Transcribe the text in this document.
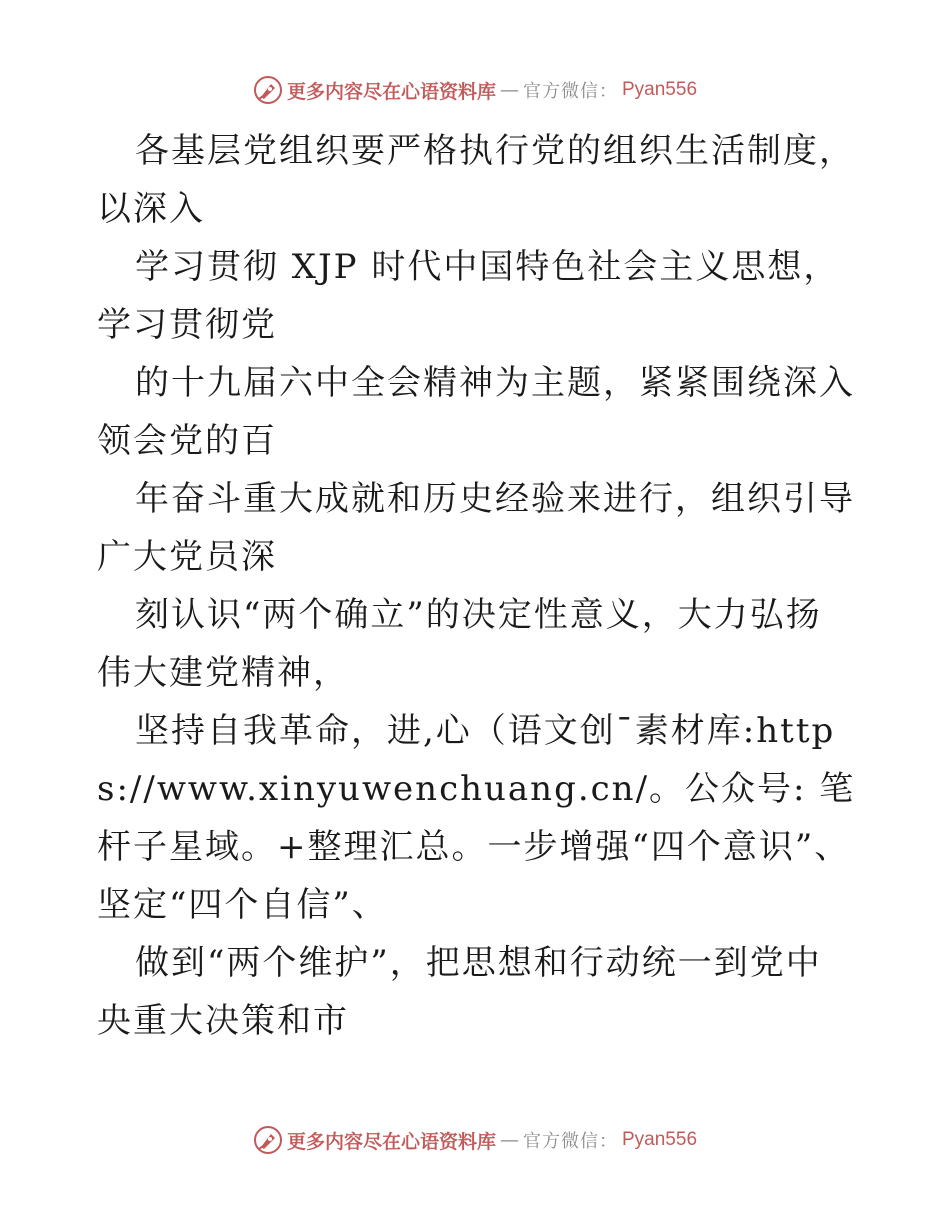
更多内容尽在心语资料库 — 官方微信： Pyan556

各基层党组织要严格执行党的组织生活制度，以深入

学习贯彻 XJP 时代中国特色社会主义思想，学习贯彻党

的十九届六中全会精神为主题，紧紧围绕深入领会党的百

年奋斗重大成就和历史经验来进行，组织引导广大党员深

刻认识“两个确立”的决定性意义，大力弘扬伟大建党精神，

坚持自我革命，进,心（语文创¯素材库:https://www.xinyuwenchuang.cn/。公众号: 笔杆子星域。+整理汇总。一步增强“四个意识”、坚定“四个自信”、

做到“两个维护”，把思想和行动统一到党中央重大决策和市

更多内容尽在心语资料库 — 官方微信： Pyan556
